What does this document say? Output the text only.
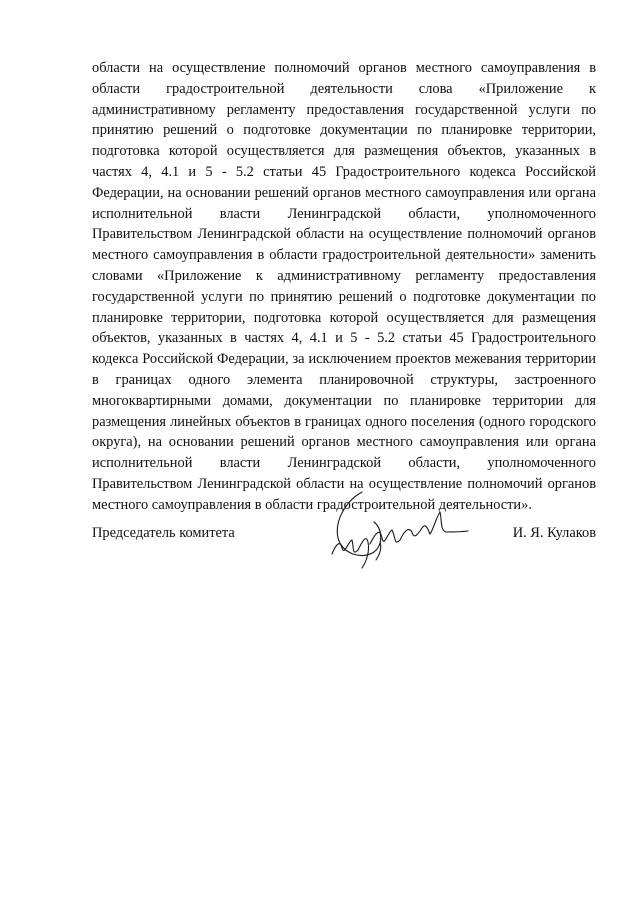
области на осуществление полномочий органов местного самоуправления в области градостроительной деятельности слова «Приложение к административному регламенту предоставления государственной услуги по принятию решений о подготовке документации по планировке территории, подготовка которой осуществляется для размещения объектов, указанных в частях 4, 4.1 и 5 - 5.2 статьи 45 Градостроительного кодекса Российской Федерации, на основании решений органов местного самоуправления или органа исполнительной власти Ленинградской области, уполномоченного Правительством Ленинградской области на осуществление полномочий органов местного самоуправления в области градостроительной деятельности» заменить словами «Приложение к административному регламенту предоставления государственной услуги по принятию решений о подготовке документации по планировке территории, подготовка которой осуществляется для размещения объектов, указанных в частях 4, 4.1 и 5 - 5.2 статьи 45 Градостроительного кодекса Российской Федерации, за исключением проектов межевания территории в границах одного элемента планировочной структуры, застроенного многоквартирными домами, документации по планировке территории для размещения линейных объектов в границах одного поселения (одного городского округа), на основании решений органов местного самоуправления или органа исполнительной власти Ленинградской области, уполномоченного Правительством Ленинградской области на осуществление полномочий органов местного самоуправления в области градостроительной деятельности».

Председатель комитета	И. Я. Кулаков
